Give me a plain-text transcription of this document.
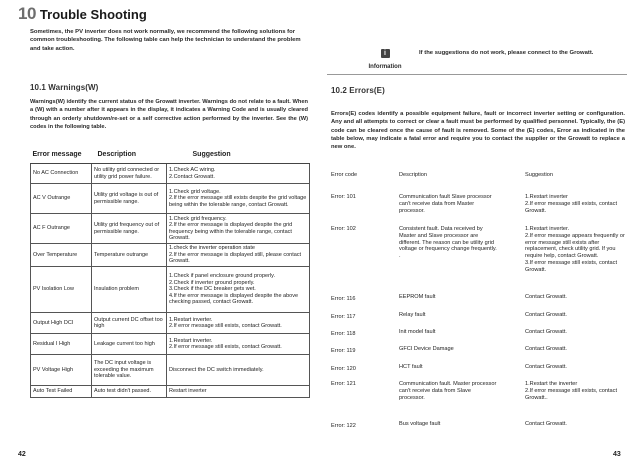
10 Trouble Shooting
Sometimes, the PV inverter does not work normally, we recommend the following solutions for common troubleshooting. The following table can help the technician to understand the problem and take action.
10.1 Warnings(W)
Warnings(W) identify the current status of the Growatt inverter. Warnings do not relate to a fault. When a (W) with a number after it appears in the display, it indicates a Warning Code and is usually cleared through an orderly shutdown/re-set or a self corrective action performed by the inverter. See the (W) codes in the following table.
Error message	Description	Suggestion
No AC Connection	No utility grid connected or utility grid power failure.	1.Check AC wiring.
2.Contact Growatt.
AC V Outrange	Utility grid voltage is out of permissible range.	1.Check grid voltage.
2.If the error message still exists despite the grid voltage being within the tolerable range, contact Growatt.
AC F Outrange	Utility grid frequency out of permissible range.	1.Check grid frequency.
2.If the error message is displayed despite the grid frequency being within the tolerable range, contact Growatt.
Over Temperature	Temperature outrange	1.check the inverter operation state
2.If the error message is displayed still, please contact Growatt.
PV Isolation Low	Insulation problem	1.Check if panel enclosure ground properly.
2.Check if inverter ground properly.
3.Check if the DC breaker gets wet.
4.If the error message is displayed despite the above checking passed, contact Growatt.
Output High DCI	Output current DC offset too high	1.Restart inverter.
2.If error message still exists, contact Growatt.
Residual I High	Leakage current too high	1.Restart inverter.
2.If error message still exists, contact Growatt.
PV Voltage High	The DC input voltage is exceeding the maximum tolerable value.	Disconnect the DC switch immediately.
Auto Test Failed	Auto test didn't passed.	Restart inverter
42
i
Information
If the suggestions do not work, please connect to the Growatt.
10.2 Errors(E)
Errors(E) codes identify a possible equipment failure, fault or incorrect inverter setting or configuration. Any and all attempts to correct or clear a fault must be performed by qualified personnel. Typically, the (E) code can be cleared once the cause of fault is removed. Some of the (E) codes, Error as indicated in the table below, may indicate a fatal error and require you to contact the supplier or the Growatt to replace a new one.
Error code	Description	Suggestion
Error: 101	Communication fault Slave processor can't receive data from Master processor.
1.Restart inverter
2.If error message still exists, contact Growatt.
Error: 102	Consistent fault. Data received by Master and Slave processor are different. The reason can be utility grid voltage or frequency change frequently. .
1.Restart inverter.
2.If error message appears frequently or error message still exists after replacement, check utility grid. If you require help, contact Growatt.
3.If error message still exists, contact Growatt.
Error: 116	EEPROM fault	Contact Growatt.
Error: 117	Relay fault	Contact Growatt.
Error: 118	Init model fault	Contact Growatt.
Error: 119	GFCI Device Damage	Contact Growatt.
Error: 120	HCT fault	Contact Growatt.
Error: 121	Communication fault. Master processor can't receive data from Slave processor.
1.Restart the inverter
2.If error message still exists, contact Growatt..
Error: 122	Bus voltage fault	Contact Growatt.
43
